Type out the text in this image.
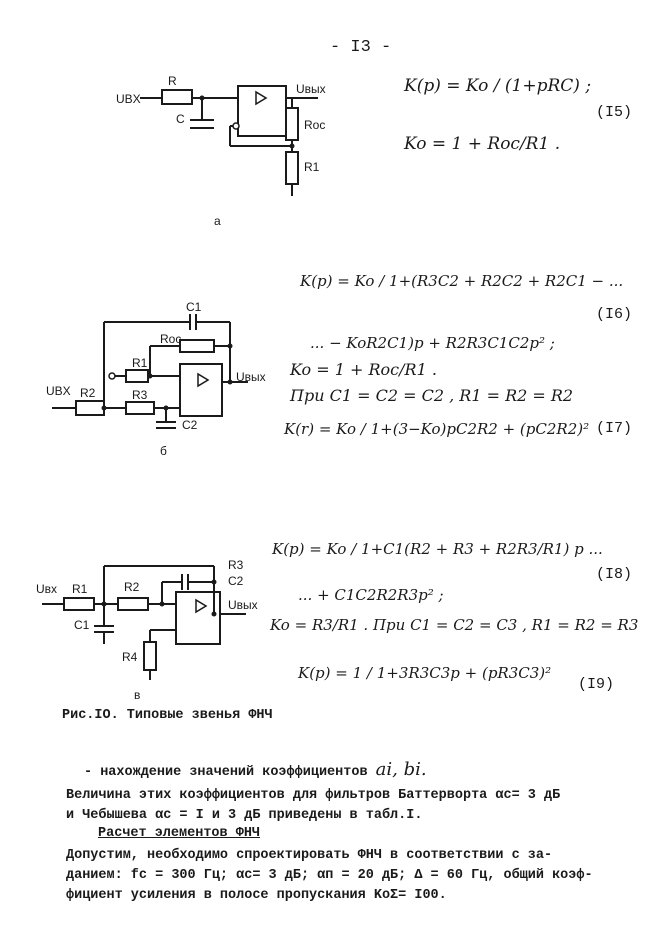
- I3 -
UBX
R
C
Uвых
Roc
R1
a
K(p) = Ko / (1+pRC) ;
Ko = 1 + Roc/R1 .
(I5)
C1
Roc
R1
R3
R2
C2
UBX
Uвых
б
K(p) = Ko / 1+(R3C2 + R2C2 + R2C1 − ...
... − KoR2C1)p + R2R3C1C2p² ;
(I6)
Ko = 1 + Roc/R1 .
При C1 = C2 = C2 , R1 = R2 = R2
K(r) = Ko / 1+(3−Ko)pC2R2 + (pC2R2)² (I7)
Uвх R1	R2
R3
C2
C1
R4
Uвых
в
K(p) = Ko / 1+C1(R2 + R3 + R2R3/R1) p ...
... + C1C2R2R3p² ;
(I8)
Ko = R3/R1 . При C1 = C2 = C3 , R1 = R2 = R3
K(p) = 1 / 1+3R3C3p + (pR3C3)²
(I9)
Рис.IO. Типовые звенья ФНЧ
- нахождение значений коэффициентов ai, bi.
Величина этих коэффициентов для фильтров Баттерворта αc= 3 дБ
и Чебышева αc = I и 3 дБ приведены в табл.I.
Расчет элементов ФНЧ
Допустим, необходимо спроектировать ФНЧ в соответствии с за-
данием: fc = 300 Гц; αc= 3 дБ; αп = 20 дБ; Δ = 60 Гц, общий коэф-
фициент усиления в полосе пропускания KoΣ= I00.
